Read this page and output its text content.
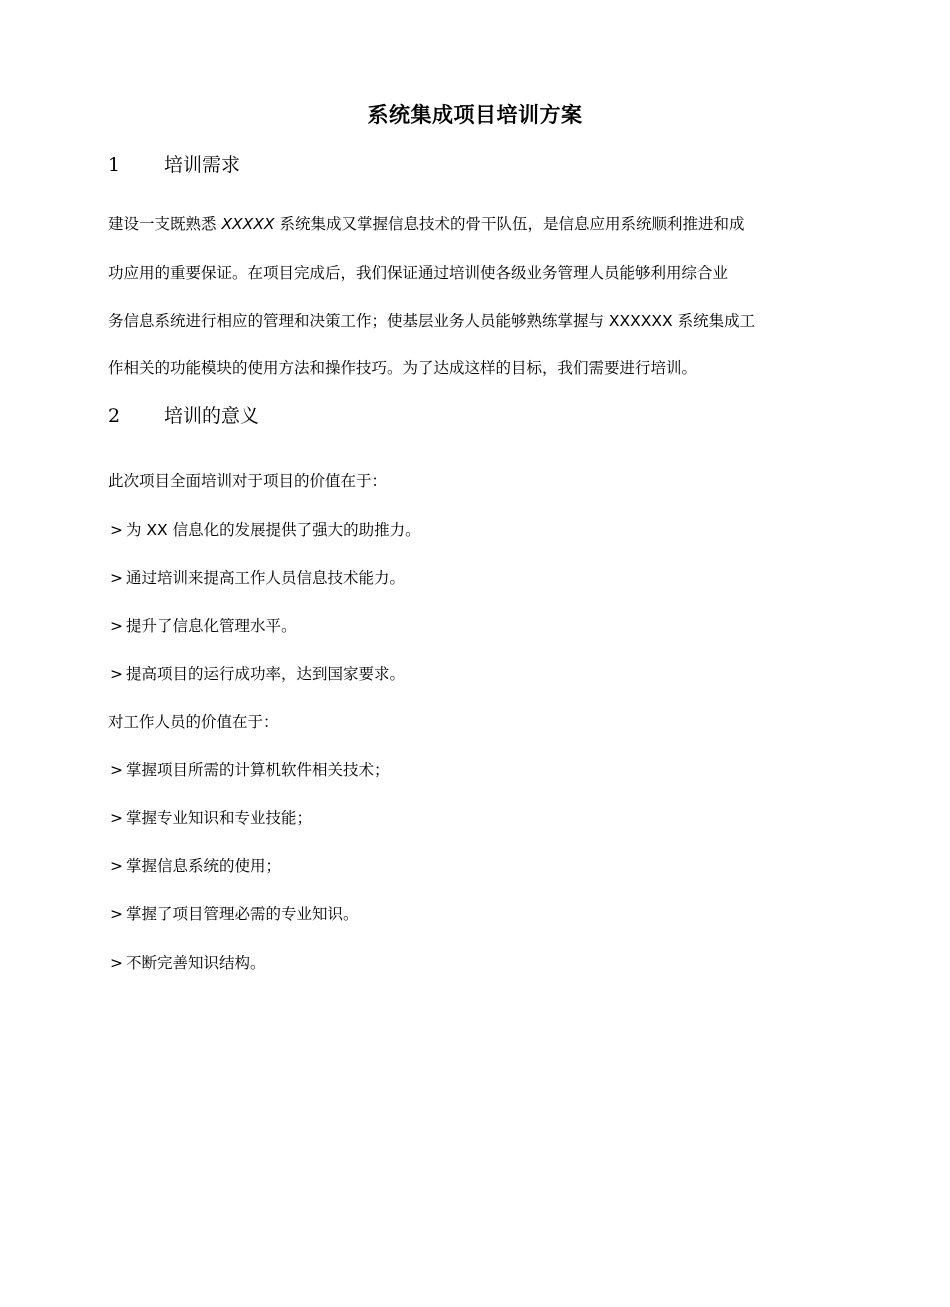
系统集成项目培训方案
1 培训需求
建设一支既熟悉 XXXXX 系统集成又掌握信息技术的骨干队伍，是信息应用系统顺利推进和成
功应用的重要保证。在项目完成后，我们保证通过培训使各级业务管理人员能够利用综合业
务信息系统进行相应的管理和决策工作；使基层业务人员能够熟练掌握与 XXXXXX 系统集成工
作相关的功能模块的使用方法和操作技巧。为了达成这样的目标，我们需要进行培训。
2 培训的意义
此次项目全面培训对于项目的价值在于：
> 为 XX 信息化的发展提供了强大的助推力。
> 通过培训来提高工作人员信息技术能力。
> 提升了信息化管理水平。
> 提高项目的运行成功率，达到国家要求。
对工作人员的价值在于：
> 掌握项目所需的计算机软件相关技术；
> 掌握专业知识和专业技能；
> 掌握信息系统的使用；
> 掌握了项目管理必需的专业知识。
> 不断完善知识结构。
